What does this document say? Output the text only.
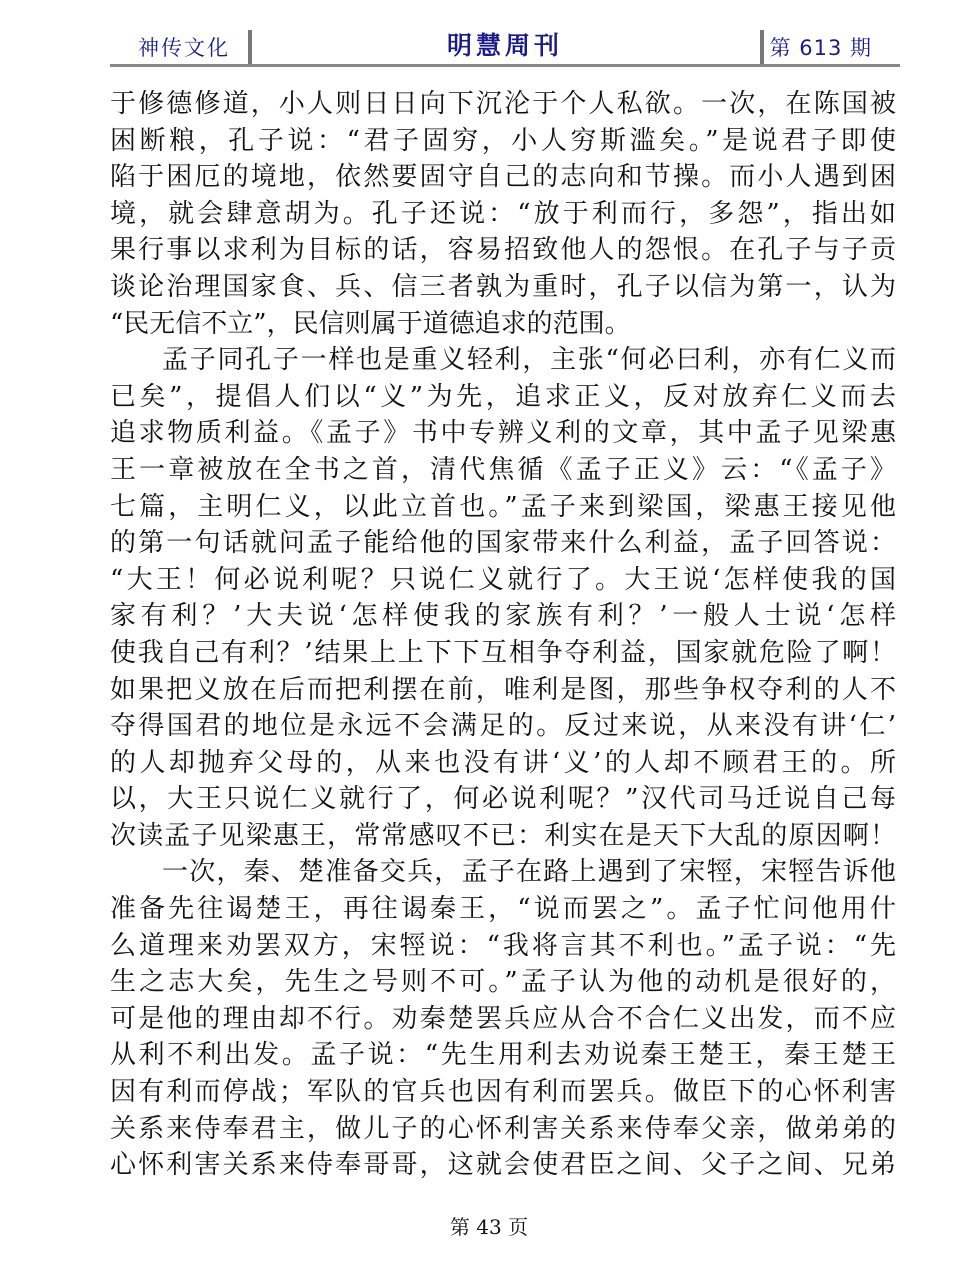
神传文化	明慧周刊	第 613 期
于修德修道，小人则日日向下沉沦于个人私欲。一次，在陈国被
困断粮，孔子说：“君子固穷，小人穷斯滥矣。”是说君子即使
陷于困厄的境地，依然要固守自己的志向和节操。而小人遇到困
境，就会肆意胡为。孔子还说：“放于利而行，多怨”，指出如
果行事以求利为目标的话，容易招致他人的怨恨。在孔子与子贡
谈论治理国家食、兵、信三者孰为重时，孔子以信为第一，认为
“民无信不立”，民信则属于道德追求的范围。
孟子同孔子一样也是重义轻利，主张“何必曰利，亦有仁义而
已矣”，提倡人们以“义”为先，追求正义，反对放弃仁义而去
追求物质利益。《孟子》书中专辨义利的文章，其中孟子见梁惠
王一章被放在全书之首，清代焦循《孟子正义》云：“《孟子》
七篇，主明仁义，以此立首也。”孟子来到梁国，梁惠王接见他
的第一句话就问孟子能给他的国家带来什么利益，孟子回答说：
“大王！何必说利呢？只说仁义就行了。大王说‘怎样使我的国
家有利？’大夫说‘怎样使我的家族有利？’一般人士说‘怎样
使我自己有利？’结果上上下下互相争夺利益，国家就危险了啊！
如果把义放在后而把利摆在前，唯利是图，那些争权夺利的人不
夺得国君的地位是永远不会满足的。反过来说，从来没有讲‘仁’
的人却抛弃父母的，从来也没有讲‘义’的人却不顾君王的。所
以，大王只说仁义就行了，何必说利呢？”汉代司马迁说自己每
次读孟子见梁惠王，常常感叹不已：利实在是天下大乱的原因啊！
一次，秦、楚准备交兵，孟子在路上遇到了宋牼，宋牼告诉他
准备先往谒楚王，再往谒秦王，“说而罢之”。孟子忙问他用什
么道理来劝罢双方，宋牼说：“我将言其不利也。”孟子说：“先
生之志大矣，先生之号则不可。”孟子认为他的动机是很好的，
可是他的理由却不行。劝秦楚罢兵应从合不合仁义出发，而不应
从利不利出发。孟子说：“先生用利去劝说秦王楚王，秦王楚王
因有利而停战；军队的官兵也因有利而罢兵。做臣下的心怀利害
关系来侍奉君主，做儿子的心怀利害关系来侍奉父亲，做弟弟的
心怀利害关系来侍奉哥哥，这就会使君臣之间、父子之间、兄弟
第 43 页
